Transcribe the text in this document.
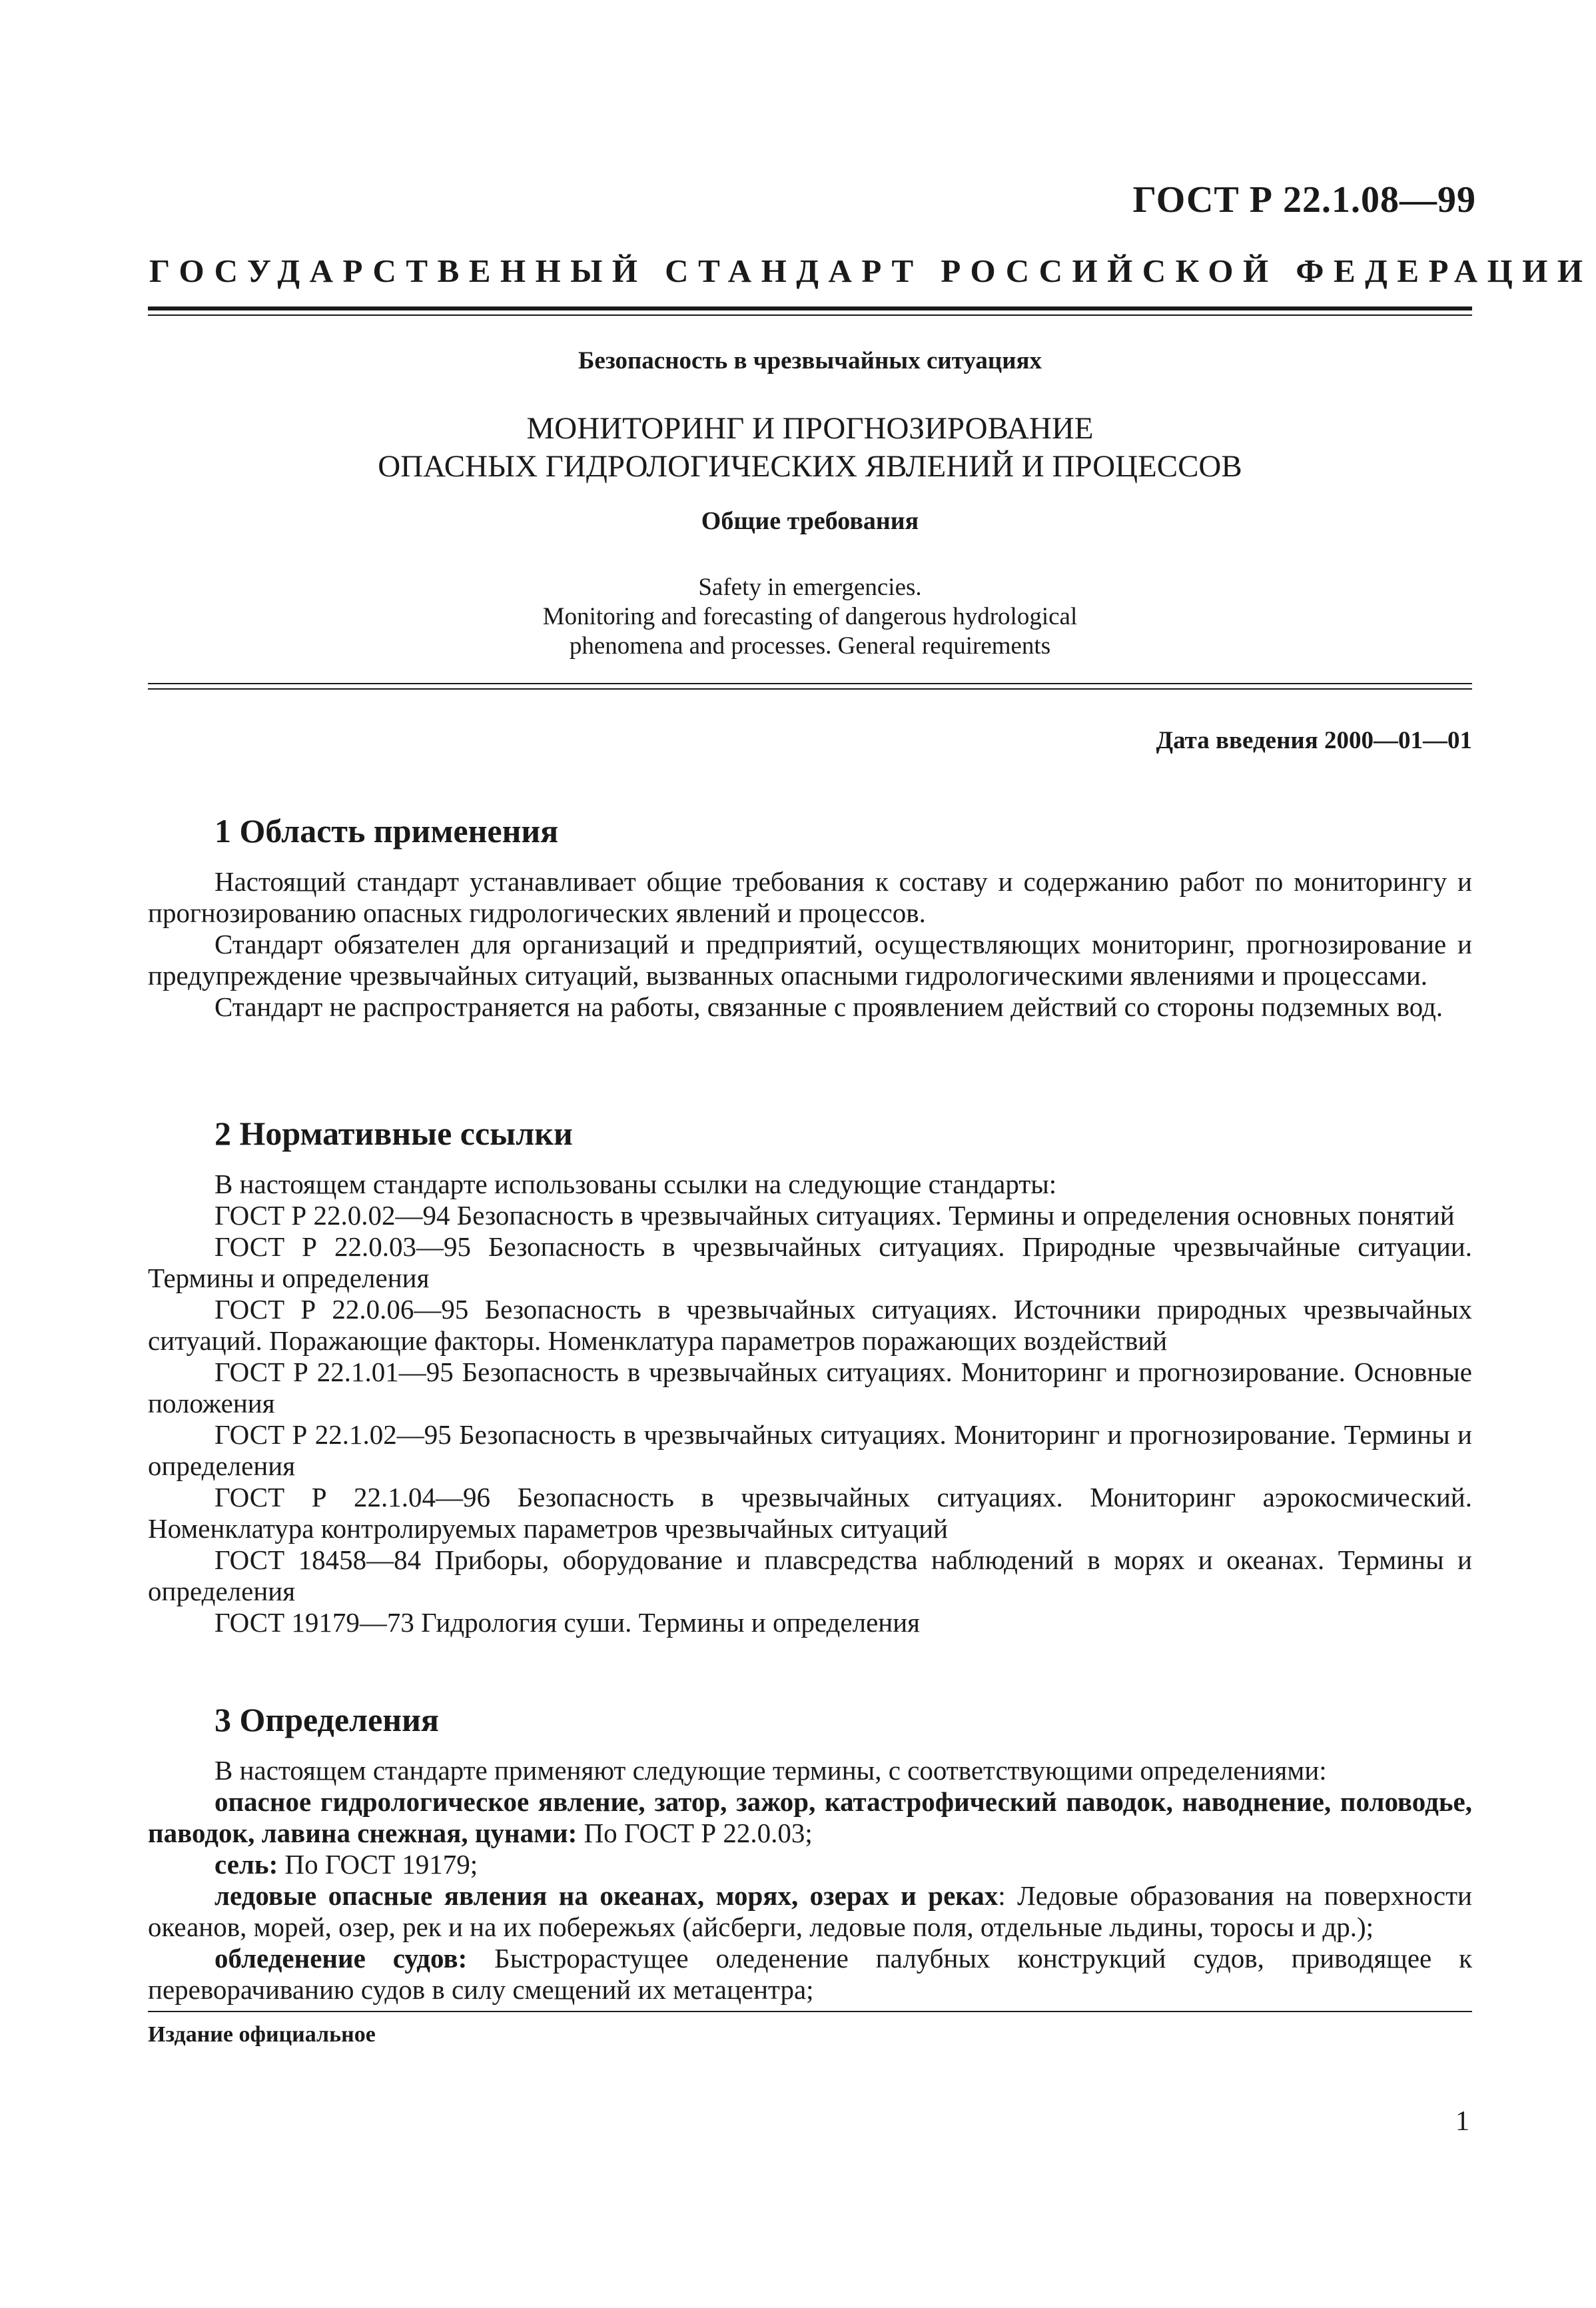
ГОСТ Р 22.1.08—99
ГОСУДАРСТВЕННЫЙ СТАНДАРТ РОССИЙСКОЙ ФЕДЕРАЦИИ
Безопасность в чрезвычайных ситуациях
МОНИТОРИНГ И ПРОГНОЗИРОВАНИЕ
ОПАСНЫХ ГИДРОЛОГИЧЕСКИХ ЯВЛЕНИЙ И ПРОЦЕССОВ
Общие требования
Safety in emergencies.
Monitoring and forecasting of dangerous hydrological
phenomena and processes. General requirements
Дата введения 2000—01—01
1 Область применения

Настоящий стандарт устанавливает общие требования к составу и содержанию работ по мониторингу и прогнозированию опасных гидрологических явлений и процессов.

Стандарт обязателен для организаций и предприятий, осуществляющих мониторинг, прогнозирование и предупреждение чрезвычайных ситуаций, вызванных опасными гидрологическими явлениями и процессами.

Стандарт не распространяется на работы, связанные с проявлением действий со стороны подземных вод.

2 Нормативные ссылки

В настоящем стандарте использованы ссылки на следующие стандарты:

ГОСТ Р 22.0.02—94 Безопасность в чрезвычайных ситуациях. Термины и определения основных понятий

ГОСТ Р 22.0.03—95 Безопасность в чрезвычайных ситуациях. Природные чрезвычайные ситуации. Термины и определения

ГОСТ Р 22.0.06—95 Безопасность в чрезвычайных ситуациях. Источники природных чрезвычайных ситуаций. Поражающие факторы. Номенклатура параметров поражающих воздействий

ГОСТ Р 22.1.01—95 Безопасность в чрезвычайных ситуациях. Мониторинг и прогнозирование. Основные положения

ГОСТ Р 22.1.02—95 Безопасность в чрезвычайных ситуациях. Мониторинг и прогнозирование. Термины и определения

ГОСТ Р 22.1.04—96 Безопасность в чрезвычайных ситуациях. Мониторинг аэрокосмический. Номенклатура контролируемых параметров чрезвычайных ситуаций

ГОСТ 18458—84 Приборы, оборудование и плавсредства наблюдений в морях и океанах. Термины и определения

ГОСТ 19179—73 Гидрология суши. Термины и определения

3 Определения

В настоящем стандарте применяют следующие термины, с соответствующими определениями:

опасное гидрологическое явление, затор, зажор, катастрофический паводок, наводнение, половодье, паводок, лавина снежная, цунами: По ГОСТ Р 22.0.03;

сель: По ГОСТ 19179;

ледовые опасные явления на океанах, морях, озерах и реках: Ледовые образования на поверхности океанов, морей, озер, рек и на их побережьях (айсберги, ледовые поля, отдельные льдины, торосы и др.);

обледенение судов: Быстрорастущее оледенение палубных конструкций судов, приводящее к переворачиванию судов в силу смещений их метацентра;

Издание официальное
1
